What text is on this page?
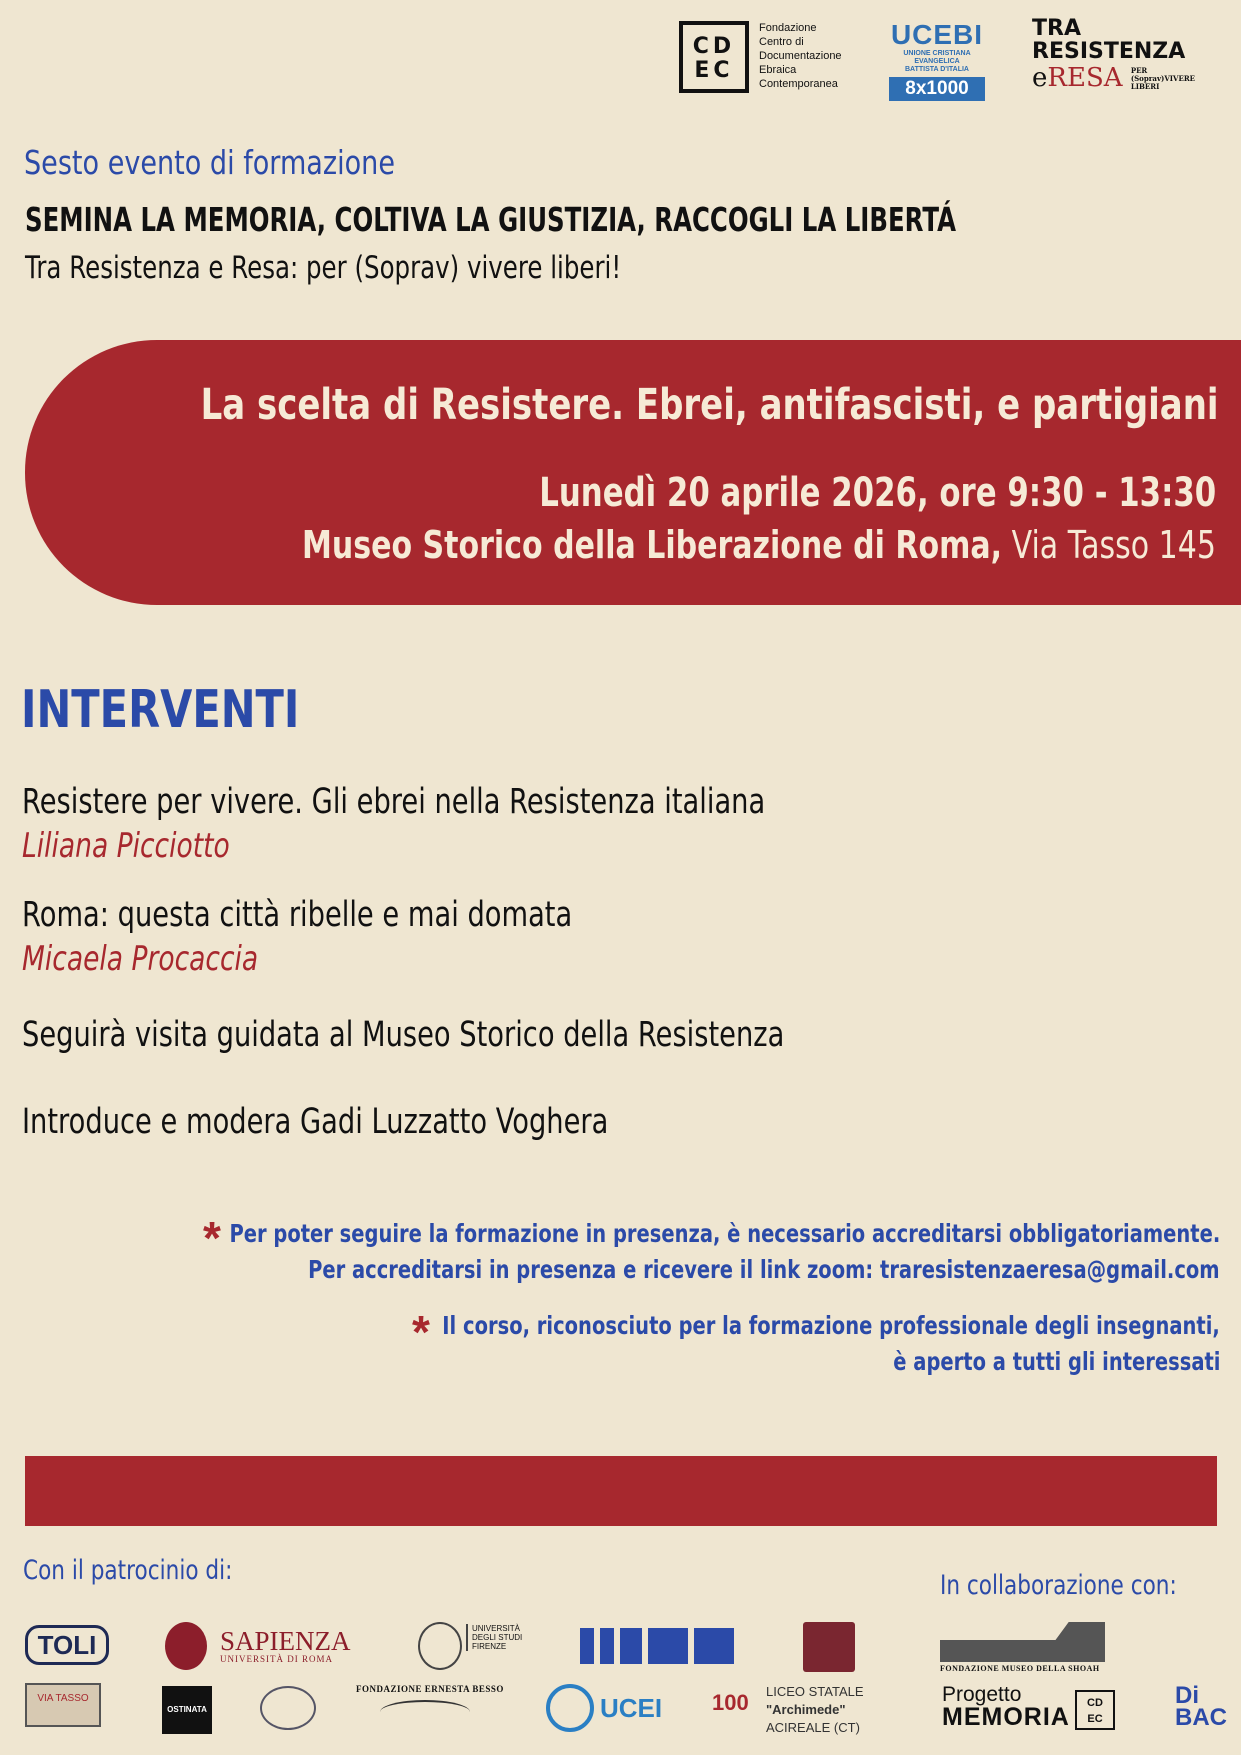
CD
EC
Fondazione
Centro di
Documentazione
Ebraica
Contemporanea
UCEBI
UNIONE CRISTIANA EVANGELICA
BATTISTA D'ITALIA
8x1000
TRA
RESISTENZA
eRESA PER
(Soprav)VIVERE
LIBERI
Sesto evento di formazione
SEMINA LA MEMORIA, COLTIVA LA GIUSTIZIA, RACCOGLI LA LIBERTÁ
Tra Resistenza e Resa: per (Soprav) vivere liberi!
La scelta di Resistere. Ebrei, antifascisti, e partigiani
Lunedì 20 aprile 2026, ore 9:30 - 13:30
Museo Storico della Liberazione di Roma, Via Tasso 145
INTERVENTI
Resistere per vivere. Gli ebrei nella Resistenza italiana
Liliana Picciotto
Roma: questa città ribelle e mai domata
Micaela Procaccia
Seguirà visita guidata al Museo Storico della Resistenza
Introduce e modera Gadi Luzzatto Voghera
* Per poter seguire la formazione in presenza, è necessario accreditarsi obbligatoriamente.
Per accreditarsi in presenza e ricevere il link zoom: traresistenzaeresa@gmail.com
* Il corso, riconosciuto per la formazione professionale degli insegnanti,
è aperto a tutti gli interessati
Con il patrocinio di:	In collaborazione con:
TOLI	SAPIENZA
UNIVERSITÀ DI ROMA
UNIVERSITÀ
DEGLI STUDI
FIRENZE
FONDAZIONE MUSEO DELLA SHOAH
VIA TASSO
OSTINATA
FONDAZIONE ERNESTA BESSO
UCEI 100 LICEO STATALE
"Archimede"
ACIREALE (CT)
Progetto
MEMORIA	CD
EC
Di
BAC
